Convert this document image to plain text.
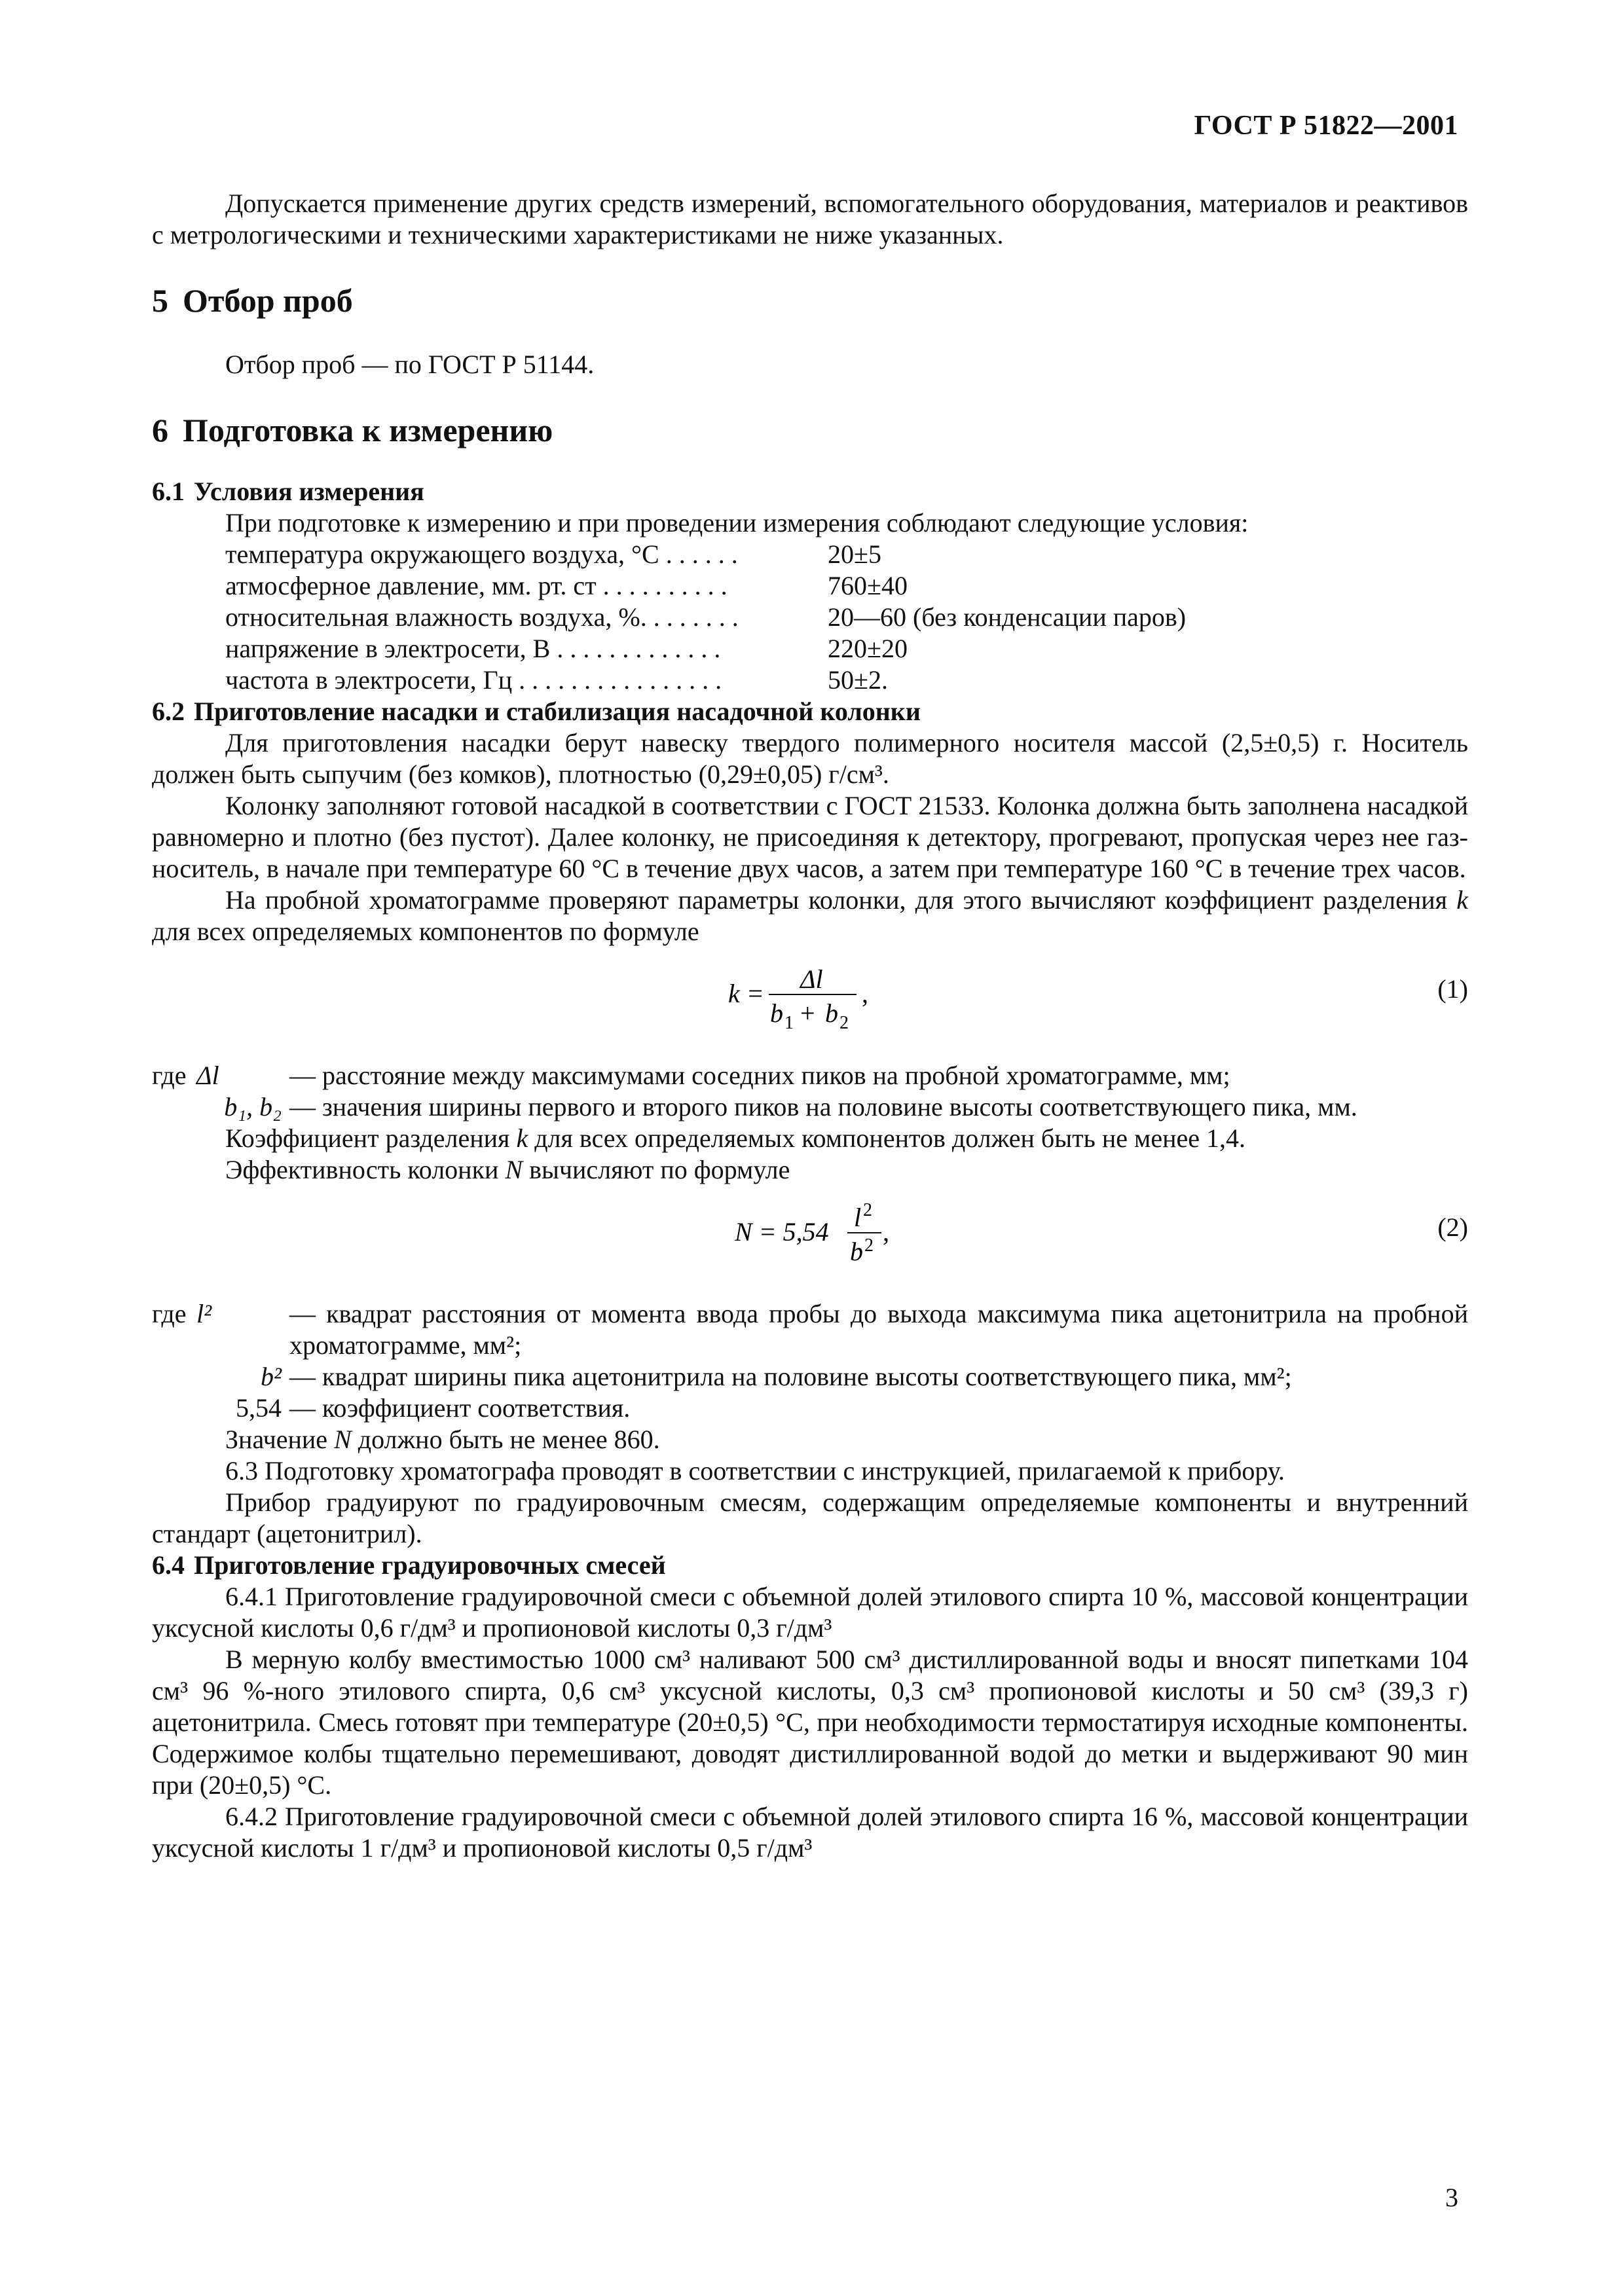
ГОСТ Р 51822—2001

Допускается применение других средств измерений, вспомогательного оборудования, материалов и реактивов с метрологическими и техническими характеристиками не ниже указанных.

5 Отбор проб

Отбор проб — по ГОСТ Р 51144.

6 Подготовка к измерению

6.1 Условия измерения

При подготовке к измерению и при проведении измерения соблюдают следующие условия:

температура окружающего воздуха, °С . . . . . .	20±5
атмосферное давление, мм. рт. ст . . . . . . . . . .	760±40
относительная влажность воздуха, %. . . . . . . .	20—60 (без конденсации паров)
напряжение в электросети, В . . . . . . . . . . . . .	220±20
частота в электросети, Гц . . . . . . . . . . . . . . . .	50±2.

6.2 Приготовление насадки и стабилизация насадочной колонки

Для приготовления насадки берут навеску твердого полимерного носителя массой (2,5±0,5) г. Носитель должен быть сыпучим (без комков), плотностью (0,29±0,05) г/см³.

Колонку заполняют готовой насадкой в соответствии с ГОСТ 21533. Колонка должна быть заполнена насадкой равномерно и плотно (без пустот). Далее колонку, не присоединяя к детектору, прогревают, пропуская через нее газ-носитель, в начале при температуре 60 °С в течение двух часов, а затем при температуре 160 °С в течение трех часов.

На пробной хроматограмме проверяют параметры колонки, для этого вычисляют коэффициент разделения k для всех определяемых компонентов по формуле

k = Δl
b 1 + b 2
,	(1)
где Δl	— расстояние между максимумами соседних пиков на пробной хроматограмме, мм;
b₁, b₂ — значения ширины первого и второго пиков на половине высоты соответствующего пика, мм.

Коэффициент разделения k для всех определяемых компонентов должен быть не менее 1,4.

Эффективность колонки N вычисляют по формуле

N = 5,54 l 2
b 2 ,	(2)
где l²	— квадрат расстояния от момента ввода пробы до выхода максимума пика ацетонитрила на пробной хроматограмме, мм²;
b² — квадрат ширины пика ацетонитрила на половине высоты соответствующего пика, мм²;
5,54 — коэффициент соответствия.

Значение N должно быть не менее 860.

6.3 Подготовку хроматографа проводят в соответствии с инструкцией, прилагаемой к прибору.

Прибор градуируют по градуировочным смесям, содержащим определяемые компоненты и внутренний стандарт (ацетонитрил).

6.4 Приготовление градуировочных смесей

6.4.1 Приготовление градуировочной смеси с объемной долей этилового спирта 10 %, массовой концентрации уксусной кислоты 0,6 г/дм³ и пропионовой кислоты 0,3 г/дм³

В мерную колбу вместимостью 1000 см³ наливают 500 см³ дистиллированной воды и вносят пипетками 104 см³ 96 %-ного этилового спирта, 0,6 см³ уксусной кислоты, 0,3 см³ пропионовой кислоты и 50 см³ (39,3 г) ацетонитрила. Смесь готовят при температуре (20±0,5) °С, при необходимости термостатируя исходные компоненты. Содержимое колбы тщательно перемешивают, доводят дистиллированной водой до метки и выдерживают 90 мин при (20±0,5) °С.

6.4.2 Приготовление градуировочной смеси с объемной долей этилового спирта 16 %, массовой концентрации уксусной кислоты 1 г/дм³ и пропионовой кислоты 0,5 г/дм³

3
